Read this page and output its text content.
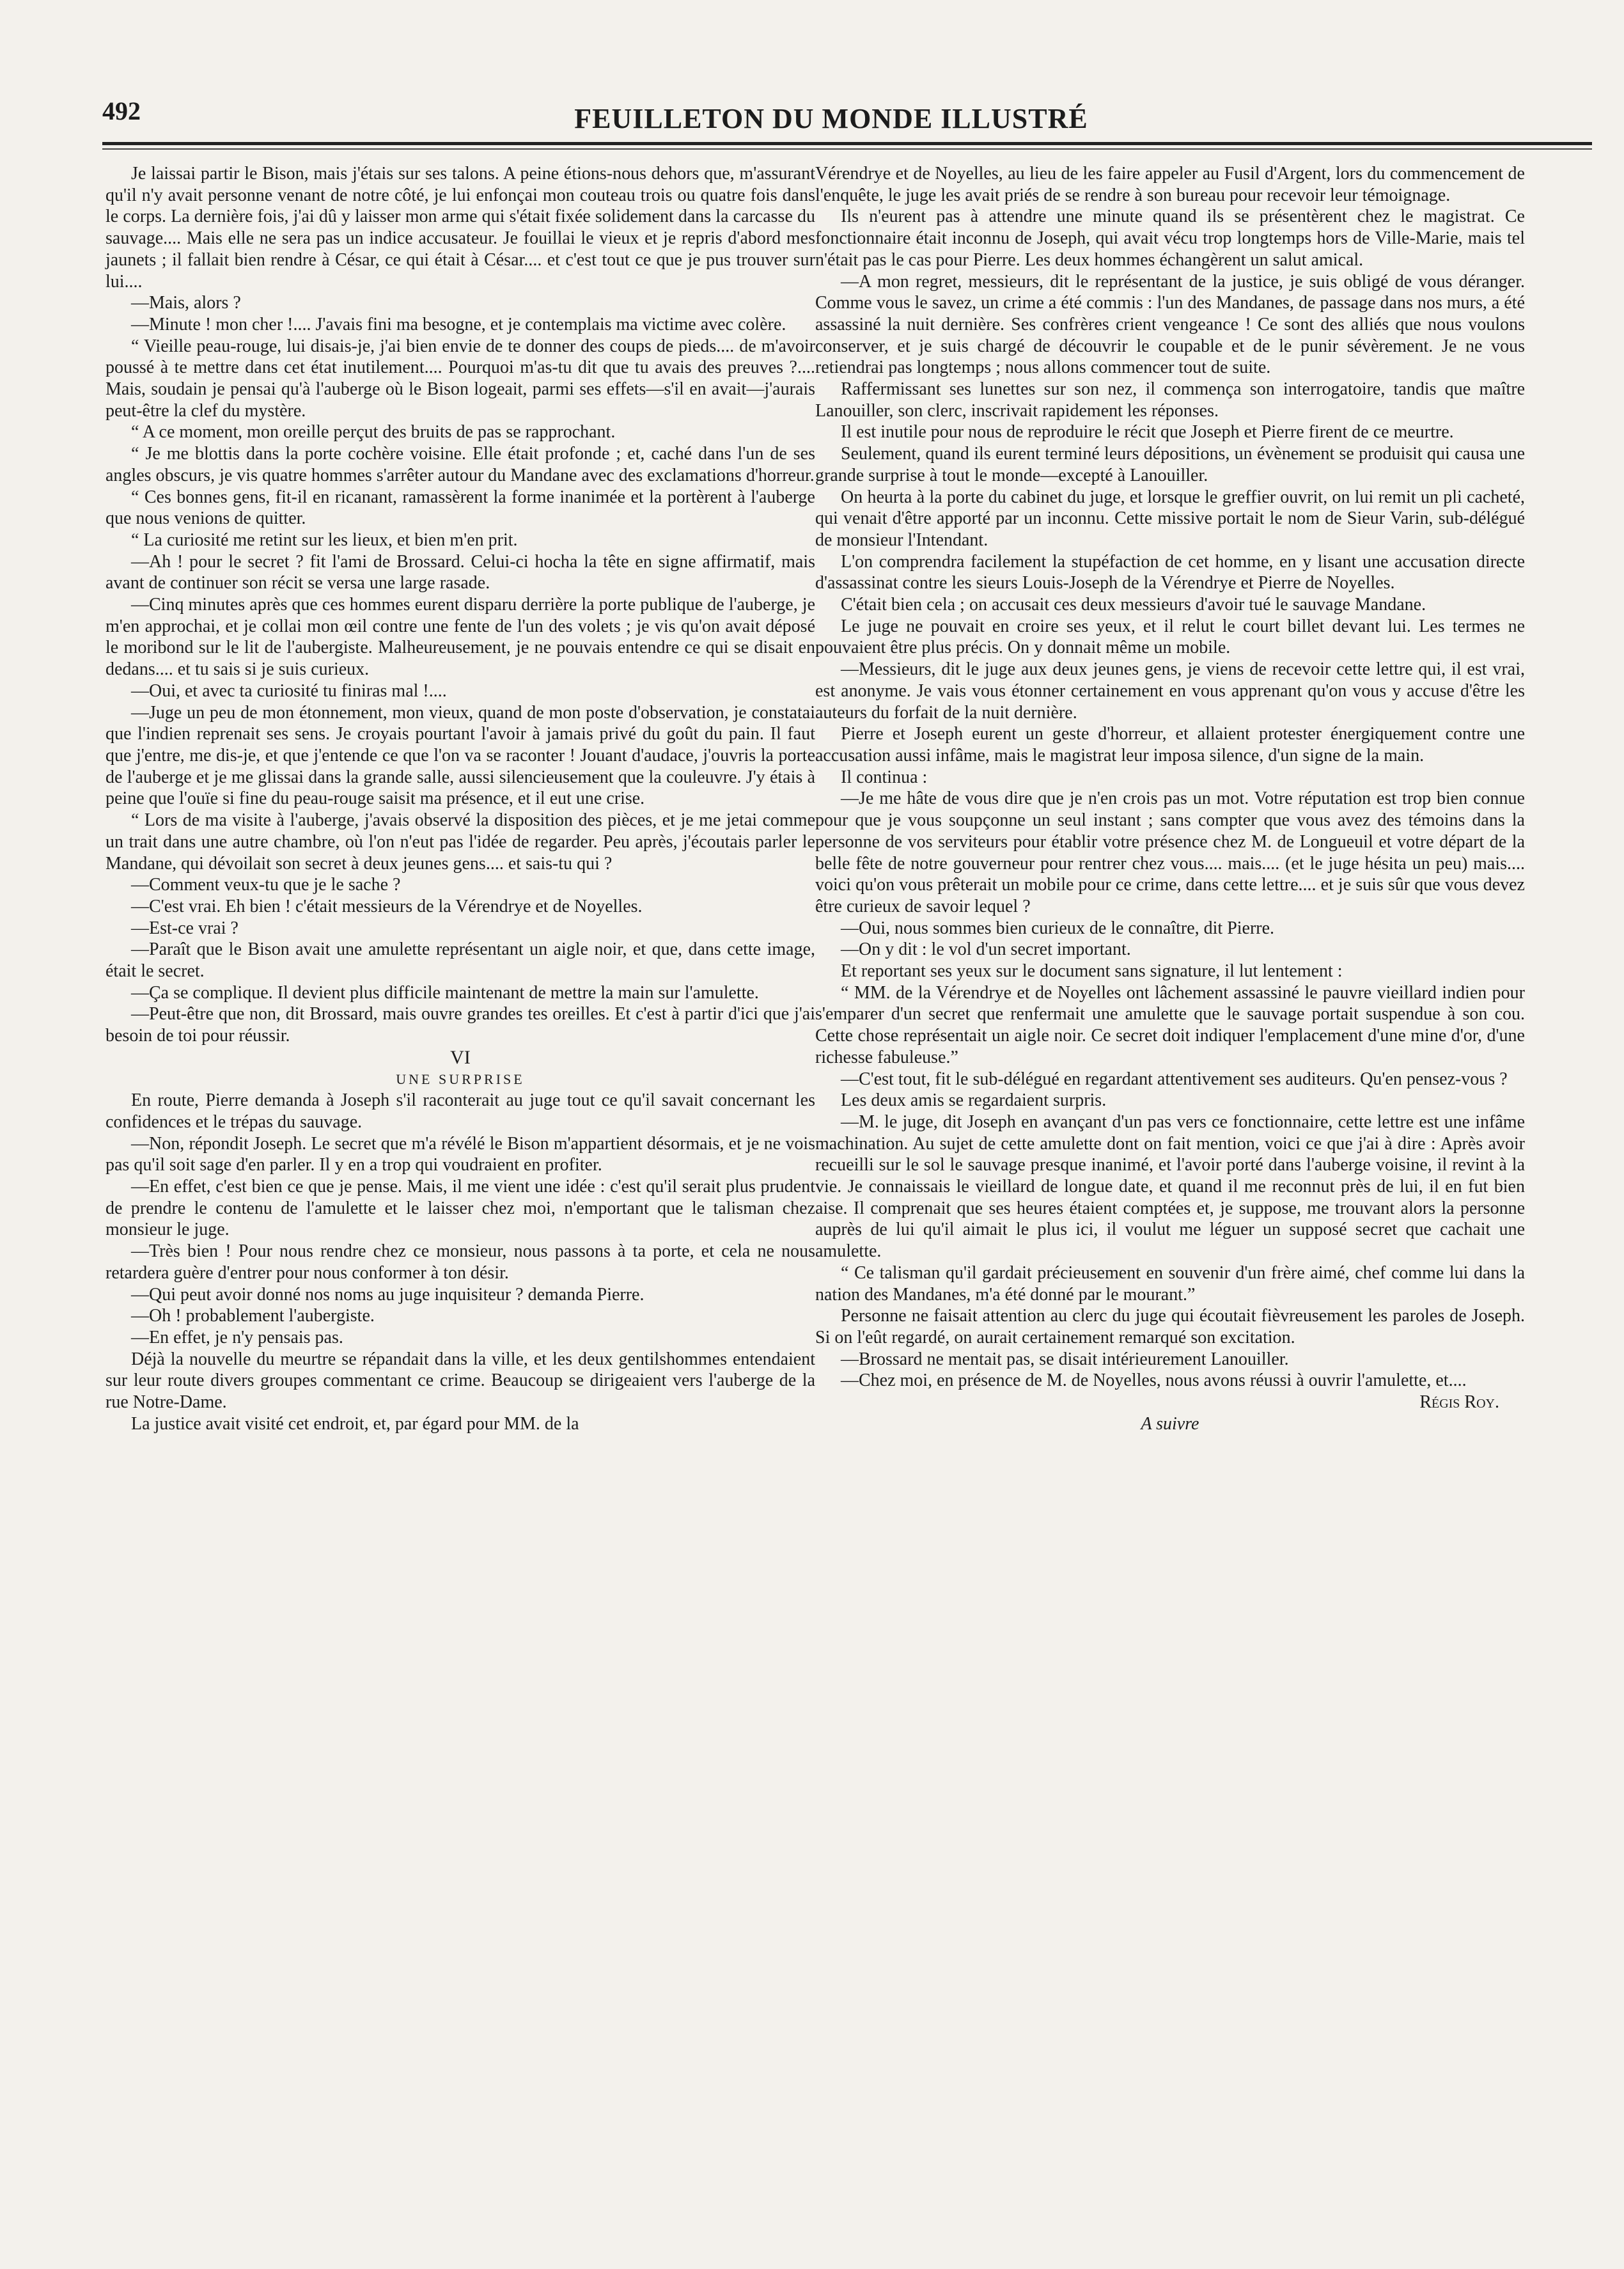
492	FEUILLETON DU MONDE ILLUSTRÉ

Je laissai partir le Bison, mais j'étais sur ses talons. A peine étions-nous dehors que, m'assurant qu'il n'y avait personne venant de notre côté, je lui enfonçai mon couteau trois ou quatre fois dans le corps. La dernière fois, j'ai dû y laisser mon arme qui s'était fixée solidement dans la carcasse du sauvage.... Mais elle ne sera pas un indice accusateur. Je fouillai le vieux et je repris d'abord mes jaunets ; il fallait bien rendre à César, ce qui était à César.... et c'est tout ce que je pus trouver sur lui....

—Mais, alors ?

—Minute ! mon cher !.... J'avais fini ma besogne, et je contemplais ma victime avec colère.

“ Vieille peau-rouge, lui disais-je, j'ai bien envie de te donner des coups de pieds.... de m'avoir poussé à te mettre dans cet état inutilement.... Pourquoi m'as-tu dit que tu avais des preuves ?.... Mais, soudain je pensai qu'à l'auberge où le Bison logeait, parmi ses effets—s'il en avait—j'aurais peut-être la clef du mystère.

“ A ce moment, mon oreille perçut des bruits de pas se rapprochant.

“ Je me blottis dans la porte cochère voisine. Elle était profonde ; et, caché dans l'un de ses angles obscurs, je vis quatre hommes s'arrêter autour du Mandane avec des exclamations d'horreur.

“ Ces bonnes gens, fit-il en ricanant, ramassèrent la forme inanimée et la portèrent à l'auberge que nous venions de quitter.

“ La curiosité me retint sur les lieux, et bien m'en prit.

—Ah ! pour le secret ? fit l'ami de Brossard. Celui-ci hocha la tête en signe affirmatif, mais avant de continuer son récit se versa une large rasade.

—Cinq minutes après que ces hommes eurent disparu derrière la porte publique de l'auberge, je m'en approchai, et je collai mon œil contre une fente de l'un des volets ; je vis qu'on avait déposé le moribond sur le lit de l'aubergiste. Malheureusement, je ne pouvais entendre ce qui se disait en dedans.... et tu sais si je suis curieux.

—Oui, et avec ta curiosité tu finiras mal !....

—Juge un peu de mon étonnement, mon vieux, quand de mon poste d'observation, je constatai que l'indien reprenait ses sens. Je croyais pourtant l'avoir à jamais privé du goût du pain. Il faut que j'entre, me dis-je, et que j'entende ce que l'on va se raconter ! Jouant d'audace, j'ouvris la porte de l'auberge et je me glissai dans la grande salle, aussi silencieusement que la couleuvre. J'y étais à peine que l'ouïe si fine du peau-rouge saisit ma présence, et il eut une crise.

“ Lors de ma visite à l'auberge, j'avais observé la disposition des pièces, et je me jetai comme un trait dans une autre chambre, où l'on n'eut pas l'idée de regarder. Peu après, j'écoutais parler le Mandane, qui dévoilait son secret à deux jeunes gens.... et sais-tu qui ?

—Comment veux-tu que je le sache ?

—C'est vrai. Eh bien ! c'était messieurs de la Vérendrye et de Noyelles.

—Est-ce vrai ?

—Paraît que le Bison avait une amulette représentant un aigle noir, et que, dans cette image, était le secret.

—Ça se complique. Il devient plus difficile maintenant de mettre la main sur l'amulette.

—Peut-être que non, dit Brossard, mais ouvre grandes tes oreilles. Et c'est à partir d'ici que j'ai besoin de toi pour réussir.

VI

UNE SURPRISE

En route, Pierre demanda à Joseph s'il raconterait au juge tout ce qu'il savait concernant les confidences et le trépas du sauvage.

—Non, répondit Joseph. Le secret que m'a révélé le Bison m'appartient désormais, et je ne vois pas qu'il soit sage d'en parler. Il y en a trop qui voudraient en profiter.

—En effet, c'est bien ce que je pense. Mais, il me vient une idée : c'est qu'il serait plus prudent de prendre le contenu de l'amulette et le laisser chez moi, n'emportant que le talisman chez monsieur le juge.

—Très bien ! Pour nous rendre chez ce monsieur, nous passons à ta porte, et cela ne nous retardera guère d'entrer pour nous conformer à ton désir.

—Qui peut avoir donné nos noms au juge inquisiteur ? demanda Pierre.

—Oh ! probablement l'aubergiste.

—En effet, je n'y pensais pas.

Déjà la nouvelle du meurtre se répandait dans la ville, et les deux gentilshommes entendaient sur leur route divers groupes commentant ce crime. Beaucoup se dirigeaient vers l'auberge de la rue Notre-Dame.

La justice avait visité cet endroit, et, par égard pour MM. de la

Vérendrye et de Noyelles, au lieu de les faire appeler au Fusil d'Argent, lors du commencement de l'enquête, le juge les avait priés de se rendre à son bureau pour recevoir leur témoignage.

Ils n'eurent pas à attendre une minute quand ils se présentèrent chez le magistrat. Ce fonctionnaire était inconnu de Joseph, qui avait vécu trop longtemps hors de Ville-Marie, mais tel n'était pas le cas pour Pierre. Les deux hommes échangèrent un salut amical.

—A mon regret, messieurs, dit le représentant de la justice, je suis obligé de vous déranger. Comme vous le savez, un crime a été commis : l'un des Mandanes, de passage dans nos murs, a été assassiné la nuit dernière. Ses confrères crient vengeance ! Ce sont des alliés que nous voulons conserver, et je suis chargé de découvrir le coupable et de le punir sévèrement. Je ne vous retiendrai pas longtemps ; nous allons commencer tout de suite.

Raffermissant ses lunettes sur son nez, il commença son interrogatoire, tandis que maître Lanouiller, son clerc, inscrivait rapidement les réponses.

Il est inutile pour nous de reproduire le récit que Joseph et Pierre firent de ce meurtre.

Seulement, quand ils eurent terminé leurs dépositions, un évènement se produisit qui causa une grande surprise à tout le monde—excepté à Lanouiller.

On heurta à la porte du cabinet du juge, et lorsque le greffier ouvrit, on lui remit un pli cacheté, qui venait d'être apporté par un inconnu. Cette missive portait le nom de Sieur Varin, sub-délégué de monsieur l'Intendant.

L'on comprendra facilement la stupéfaction de cet homme, en y lisant une accusation directe d'assassinat contre les sieurs Louis-Joseph de la Vérendrye et Pierre de Noyelles.

C'était bien cela ; on accusait ces deux messieurs d'avoir tué le sauvage Mandane.

Le juge ne pouvait en croire ses yeux, et il relut le court billet devant lui. Les termes ne pouvaient être plus précis. On y donnait même un mobile.

—Messieurs, dit le juge aux deux jeunes gens, je viens de recevoir cette lettre qui, il est vrai, est anonyme. Je vais vous étonner certainement en vous apprenant qu'on vous y accuse d'être les auteurs du forfait de la nuit dernière.

Pierre et Joseph eurent un geste d'horreur, et allaient protester énergiquement contre une accusation aussi infâme, mais le magistrat leur imposa silence, d'un signe de la main.

Il continua :

—Je me hâte de vous dire que je n'en crois pas un mot. Votre réputation est trop bien connue pour que je vous soupçonne un seul instant ; sans compter que vous avez des témoins dans la personne de vos serviteurs pour établir votre présence chez M. de Longueuil et votre départ de la belle fête de notre gouverneur pour rentrer chez vous.... mais.... (et le juge hésita un peu) mais.... voici qu'on vous prêterait un mobile pour ce crime, dans cette lettre.... et je suis sûr que vous devez être curieux de savoir lequel ?

—Oui, nous sommes bien curieux de le connaître, dit Pierre.

—On y dit : le vol d'un secret important.

Et reportant ses yeux sur le document sans signature, il lut lentement :

“ MM. de la Vérendrye et de Noyelles ont lâchement assassiné le pauvre vieillard indien pour s'emparer d'un secret que renfermait une amulette que le sauvage portait suspendue à son cou. Cette chose représentait un aigle noir. Ce secret doit indiquer l'emplacement d'une mine d'or, d'une richesse fabuleuse.”

—C'est tout, fit le sub-délégué en regardant attentivement ses auditeurs. Qu'en pensez-vous ?

Les deux amis se regardaient surpris.

—M. le juge, dit Joseph en avançant d'un pas vers ce fonctionnaire, cette lettre est une infâme machination. Au sujet de cette amulette dont on fait mention, voici ce que j'ai à dire : Après avoir recueilli sur le sol le sauvage presque inanimé, et l'avoir porté dans l'auberge voisine, il revint à la vie. Je connaissais le vieillard de longue date, et quand il me reconnut près de lui, il en fut bien aise. Il comprenait que ses heures étaient comptées et, je suppose, me trouvant alors la personne auprès de lui qu'il aimait le plus ici, il voulut me léguer un supposé secret que cachait une amulette.

“ Ce talisman qu'il gardait précieusement en souvenir d'un frère aimé, chef comme lui dans la nation des Mandanes, m'a été donné par le mourant.”

Personne ne faisait attention au clerc du juge qui écoutait fièvreusement les paroles de Joseph. Si on l'eût regardé, on aurait certainement remarqué son excitation.

—Brossard ne mentait pas, se disait intérieurement Lanouiller.

—Chez moi, en présence de M. de Noyelles, nous avons réussi à ouvrir l'amulette, et....

Régis Roy.

A suivre
